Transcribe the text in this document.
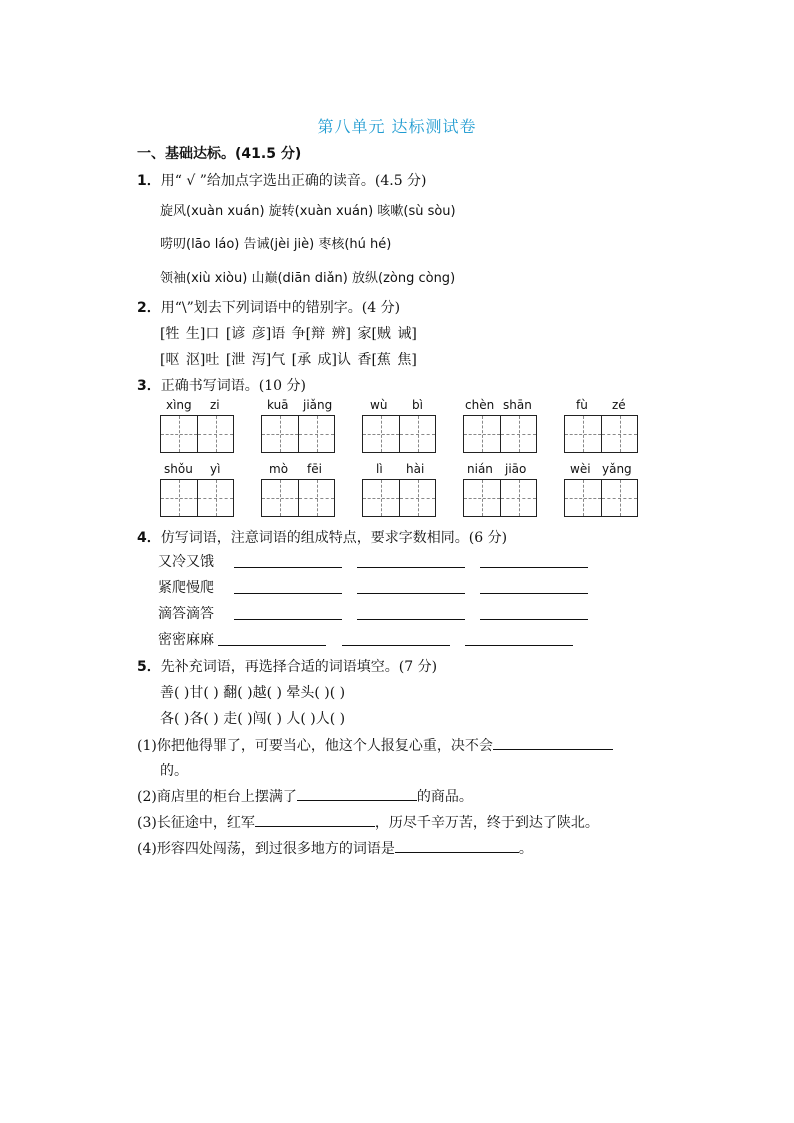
第八单元 达标测试卷
一、基础达标。(41.5 分)
1．用“ √ ”给加点字选出正确的读音。(4.5 分)
旋风(xuàn xuán) 旋转(xuàn xuán) 咳嗽(sù sòu)
唠叨(lāo láo) 告诫(jèi jiè) 枣核(hú hé)
领袖(xiù xiòu) 山巅(diān diǎn) 放纵(zòng còng)
2．用“\”划去下列词语中的错别字。(4 分)
[牲 生]口 [谚 彦]语 争[辩 辨] 家[贼 诫]
[呕 沤]吐 [泄 泻]气 [承 成]认 香[蕉 焦]
3．正确书写词语。(10 分)
xìng zi	kuā jiǎng	wù bì	chèn shān	fù zé
shǒu yì	mò fēi	lì hài	nián jiāo	wèi yǎng
4．仿写词语，注意词语的组成特点，要求字数相同。(6 分)
又冷又饿
紧爬慢爬
滴答滴答
密密麻麻
5．先补充词语，再选择合适的词语填空。(7 分)
善( )甘( ) 翻( )越( ) 晕头( )( )
各( )各( ) 走( )闯( ) 人( )人( )
(1)你把他得罪了，可要当心，他这个人报复心重，决不会
的。
(2)商店里的柜台上摆满了	的商品。
(3)长征途中，红军	，历尽千辛万苦，终于到达了陕北。
(4)形容四处闯荡，到过很多地方的词语是	。
